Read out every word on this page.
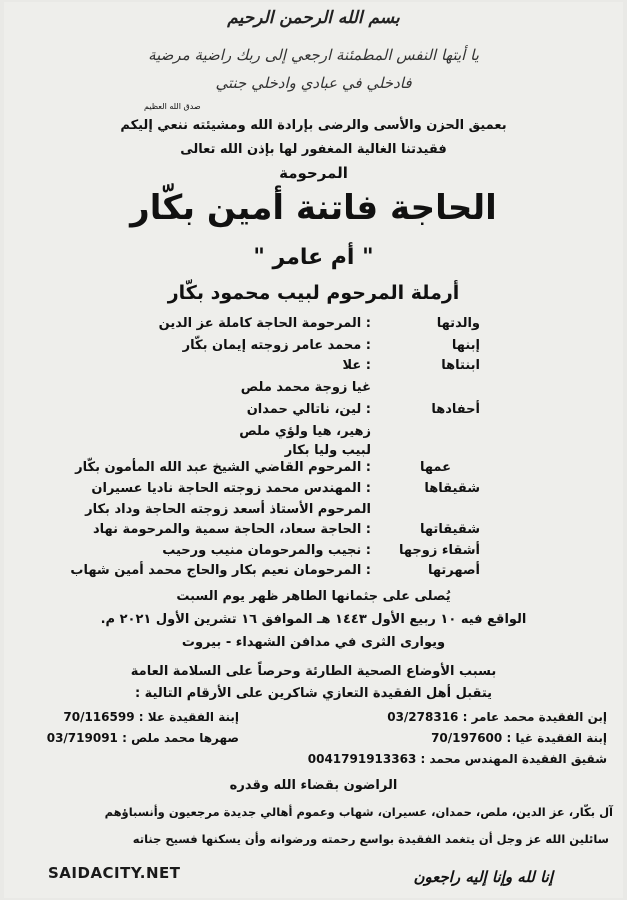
بسم الله الرحمن الرحيم
يا أيتها النفس المطمئنة ارجعي إلى ربك راضية مرضية
فادخلي في عبادي وادخلي جنتي
صدق الله العظيم
بعميق الحزن والأسى والرضى بإرادة الله ومشيئته ننعي إليكم
فقيدتنا الغالية المغفور لها بإذن الله تعالى
المرحومة
الحاجة فاتنة أمين بكّار
" أم عامر "
أرملة المرحوم لبيب محمود بكّار
والدتها
: المرحومة الحاجة كاملة عز الدين
إبنها
: محمد عامر زوجته إيمان بكّار
ابنتاها
: علا
غيا زوجة محمد ملص
أحفادها
: لين، ناتالي حمدان
زهير، هيا ولؤي ملص
لبيب وليا بكار
عمها
: المرحوم القاضي الشيخ عبد الله المأمون بكّار
شقيقاها
: المهندس محمد زوجته الحاجة ناديا عسيران
المرحوم الأستاذ أسعد زوجته الحاجة وداد بكار
شقيقاتها
: الحاجة سعاد، الحاجة سمية والمرحومة نهاد
أشقاء زوجها
: نجيب والمرحومان منيب ورحيب
أصهرتها
: المرحومان نعيم بكار والحاج محمد أمين شهاب
يُصلى على جثمانها الطاهر ظهر يوم السبت
الواقع فيه ١٠ ربيع الأول ١٤٤٣ هـ الموافق ١٦ تشرين الأول ٢٠٢١ م.
ويوارى الثرى في مدافن الشهداء - بيروت
بسبب الأوضاع الصحية الطارئة وحرصاً على السلامة العامة
يتقبل أهل الفقيدة التعازي شاكرين على الأرقام التالية :
إبن الفقيدة محمد عامر : 03/278316
إبنة الفقيدة علا : 70/116599
إبنة الفقيدة غيا : 70/197600
صهرها محمد ملص : 03/719091
شقيق الفقيدة المهندس محمد : 0041791913363
الراضون بقضاء الله وقدره
آل بكّار، عز الدين، ملص، حمدان، عسيران، شهاب وعموم أهالي جديدة مرجعيون وأنسباؤهم
سائلين الله عز وجل أن يتغمد الفقيدة بواسع رحمته ورضوانه وأن يسكنها فسيح جناته
إنا لله وإنا إليه راجعون
SAIDACITY.NET
